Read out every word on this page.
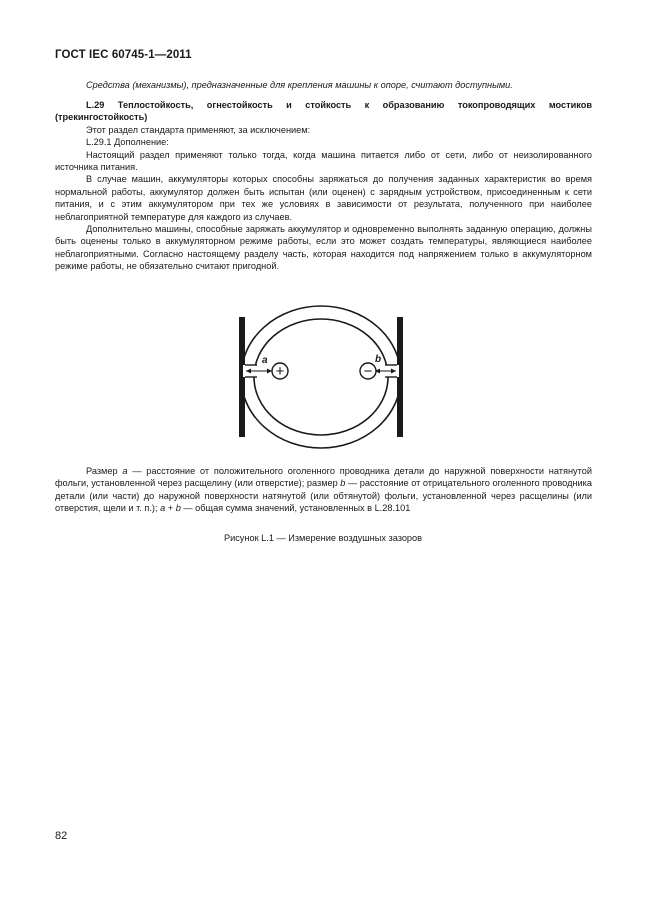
ГОСТ IEC 60745-1—2011
Средства (механизмы), предназначенные для крепления машины к опоре, считают доступными.

L.29 Теплостойкость, огнестойкость и стойкость к образованию токопроводящих мостиков (трекингостойкость)

Этот раздел стандарта применяют, за исключением:

L.29.1 Дополнение:

Настоящий раздел применяют только тогда, когда машина питается либо от сети, либо от неизолированного источника питания.

В случае машин, аккумуляторы которых способны заряжаться до получения заданных характеристик во время нормальной работы, аккумулятор должен быть испытан (или оценен) с зарядным устройством, присоединенным к сети питания, и с этим аккумулятором при тех же условиях в зависимости от результата, полученного при наиболее неблагоприятной температуре для каждого из случаев.

Дополнительно машины, способные заряжать аккумулятор и одновременно выполнять заданную операцию, должны быть оценены только в аккумуляторном режиме работы, если это может создать температуры, являющиеся наиболее неблагоприятными. Согласно настоящему разделу часть, которая находится под напряжением только в аккумуляторном режиме работы, не обязательно считают пригодной.

+	−
a	b

Размер a — расстояние от положительного оголенного проводника детали до наружной поверхности натянутой фольги, установленной через расщелину (или отверстие); размер b — расстояние от отрицательного оголенного проводника детали (или части) до наружной поверхности натянутой (или обтянутой) фольги, установленной через расщелины (или отверстия, щели и т. п.); a + b — общая сумма значений, установленных в L.28.101

Рисунок L.1 — Измерение воздушных зазоров
82
